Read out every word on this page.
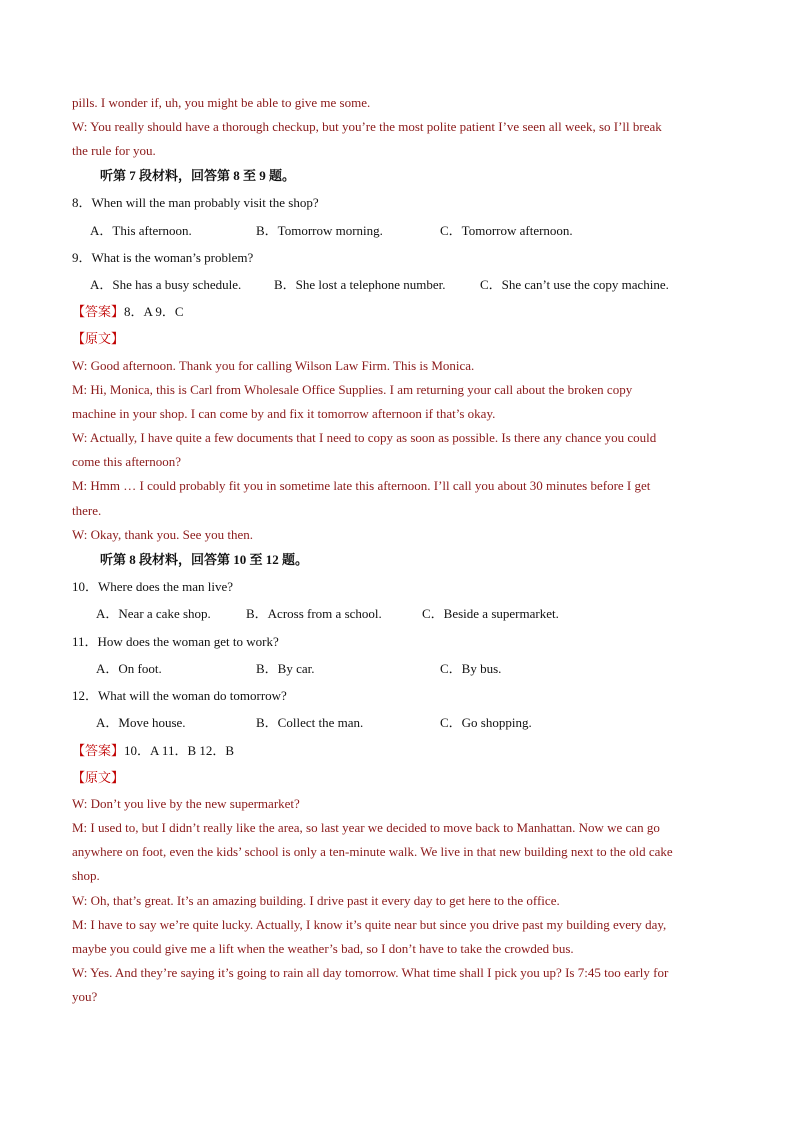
pills. I wonder if, uh, you might be able to give me some.
W: You really should have a thorough checkup, but you’re the most polite patient I’ve seen all week, so I’ll break
the rule for you.
听第 7 段材料，回答第 8 至 9 题。
8．When will the man probably visit the shop?
A．This afternoon.	B．Tomorrow morning.	C．Tomorrow afternoon.
9．What is the woman’s problem?
A．She has a busy schedule.	B．She lost a telephone number.	C．She can’t use the copy machine.
【答案】8．A 9．C
【原文】
W: Good afternoon. Thank you for calling Wilson Law Firm. This is Monica.
M: Hi, Monica, this is Carl from Wholesale Office Supplies. I am returning your call about the broken copy
machine in your shop. I can come by and fix it tomorrow afternoon if that’s okay.
W: Actually, I have quite a few documents that I need to copy as soon as possible. Is there any chance you could
come this afternoon?
M: Hmm … I could probably fit you in sometime late this afternoon. I’ll call you about 30 minutes before I get
there.
W: Okay, thank you. See you then.
听第 8 段材料，回答第 10 至 12 题。
10．Where does the man live?
A．Near a cake shop.	B．Across from a school.	C．Beside a supermarket.
11．How does the woman get to work?
A．On foot.	B．By car.	C．By bus.
12．What will the woman do tomorrow?
A．Move house.	B．Collect the man.	C．Go shopping.
【答案】10．A 11．B 12．B
【原文】
W: Don’t you live by the new supermarket?
M: I used to, but I didn’t really like the area, so last year we decided to move back to Manhattan. Now we can go
anywhere on foot, even the kids’ school is only a ten-minute walk. We live in that new building next to the old cake
shop.
W: Oh, that’s great. It’s an amazing building. I drive past it every day to get here to the office.
M: I have to say we’re quite lucky. Actually, I know it’s quite near but since you drive past my building every day,
maybe you could give me a lift when the weather’s bad, so I don’t have to take the crowded bus.
W: Yes. And they’re saying it’s going to rain all day tomorrow. What time shall I pick you up? Is 7:45 too early for
you?
